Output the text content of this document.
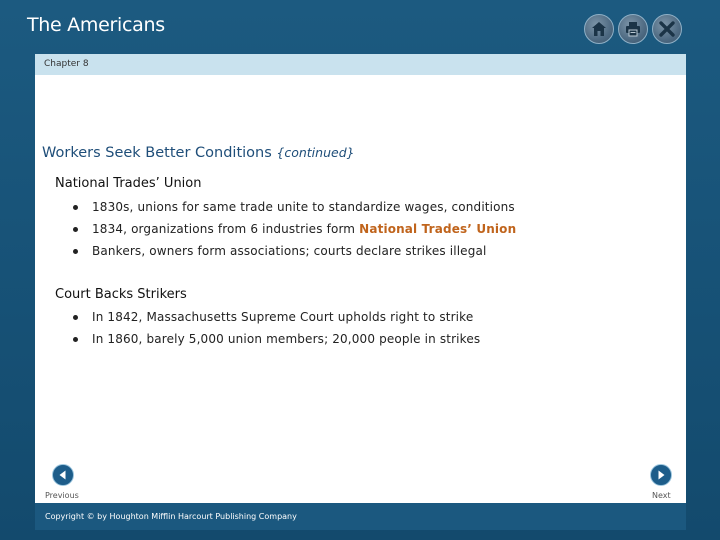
The Americans
Chapter 8
Workers Seek Better Conditions {continued}
National Trades’ Union
1830s, unions for same trade unite to standardize wages, conditions
1834, organizations from 6 industries form National Trades’ Union
Bankers, owners form associations; courts declare strikes illegal
Court Backs Strikers
In 1842, Massachusetts Supreme Court upholds right to strike
In 1860, barely 5,000 union members; 20,000 people in strikes
Previous	Next
Copyright © by Houghton Mifflin Harcourt Publishing Company
